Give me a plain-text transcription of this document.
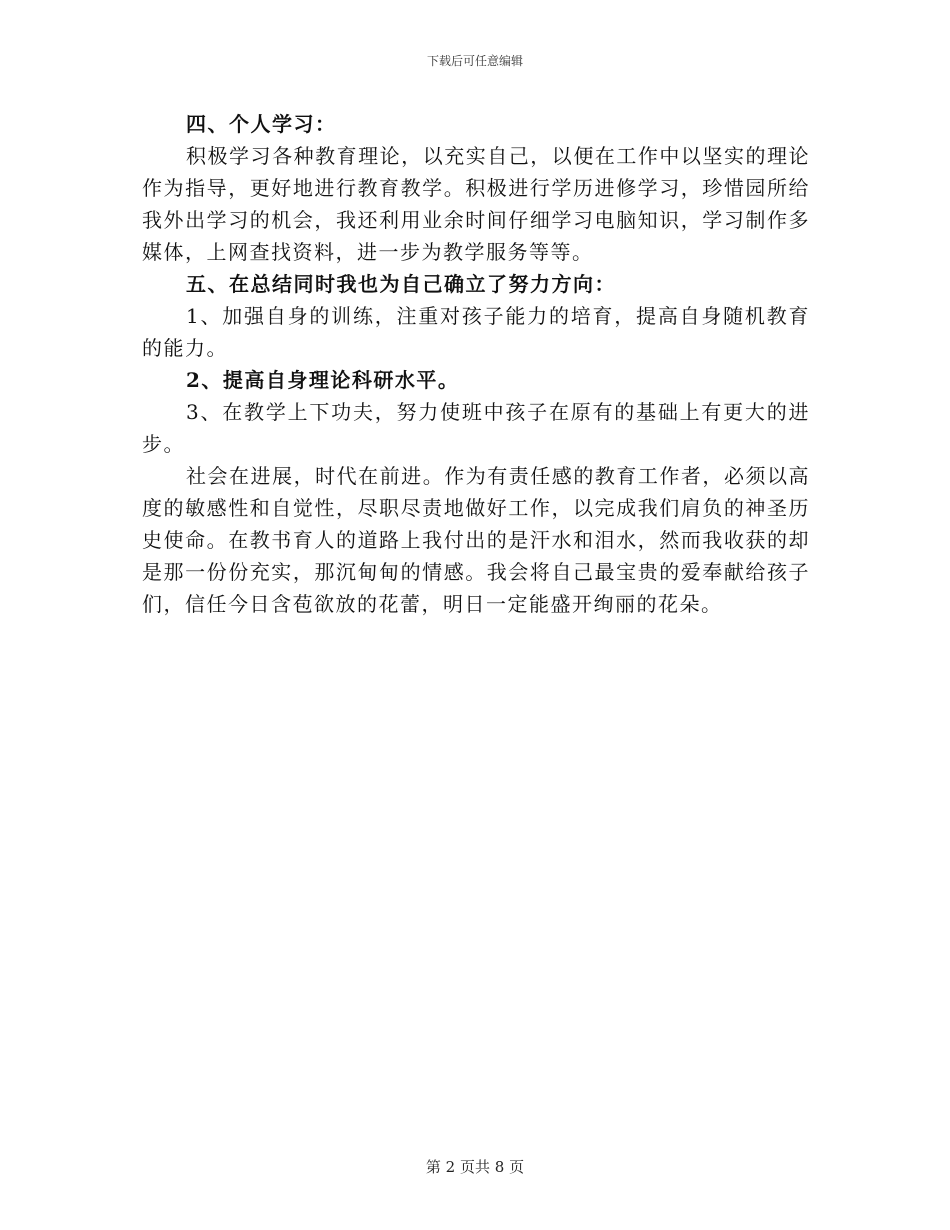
下载后可任意编辑

四、个人学习：

积极学习各种教育理论，以充实自己，以便在工作中以坚实的理论作为指导，更好地进行教育教学。积极进行学历进修学习，珍惜园所给我外出学习的机会，我还利用业余时间仔细学习电脑知识，学习制作多媒体，上网查找资料，进一步为教学服务等等。

五、在总结同时我也为自己确立了努力方向：

1、加强自身的训练，注重对孩子能力的培育，提高自身随机教育的能力。

2、提高自身理论科研水平。

3、在教学上下功夫，努力使班中孩子在原有的基础上有更大的进步。

社会在进展，时代在前进。作为有责任感的教育工作者，必须以高度的敏感性和自觉性，尽职尽责地做好工作，以完成我们肩负的神圣历史使命。在教书育人的道路上我付出的是汗水和泪水，然而我收获的却是那一份份充实，那沉甸甸的情感。我会将自己最宝贵的爱奉献给孩子们，信任今日含苞欲放的花蕾，明日一定能盛开绚丽的花朵。

第 2 页共 8 页
